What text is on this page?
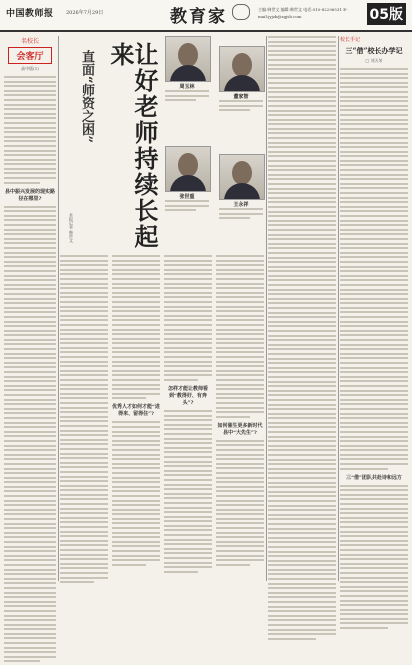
中国教师报 2026年7月29日	教育家	主编:韩世文 编辑:韩世文 电话:010-82296531 E-mail:jyjzk@zgjsb.com	05版
名校长
会客厅
高中版(1)
县中振兴发展的现实路径在哪里?	让好老师持续长起来
直面“师资之困”
本报记者 韩世文
周玉林
董家智
张世重
王永祥
优秀人才如何才能“进得来、留得住”?
怎样才能让教师看到“教得好、有奔头”?
如何催生更多新时代县中“大先生”?
校长手记
三“借”校长办学记
□ 刘天荣
三“借”团队共赴诗和远方
